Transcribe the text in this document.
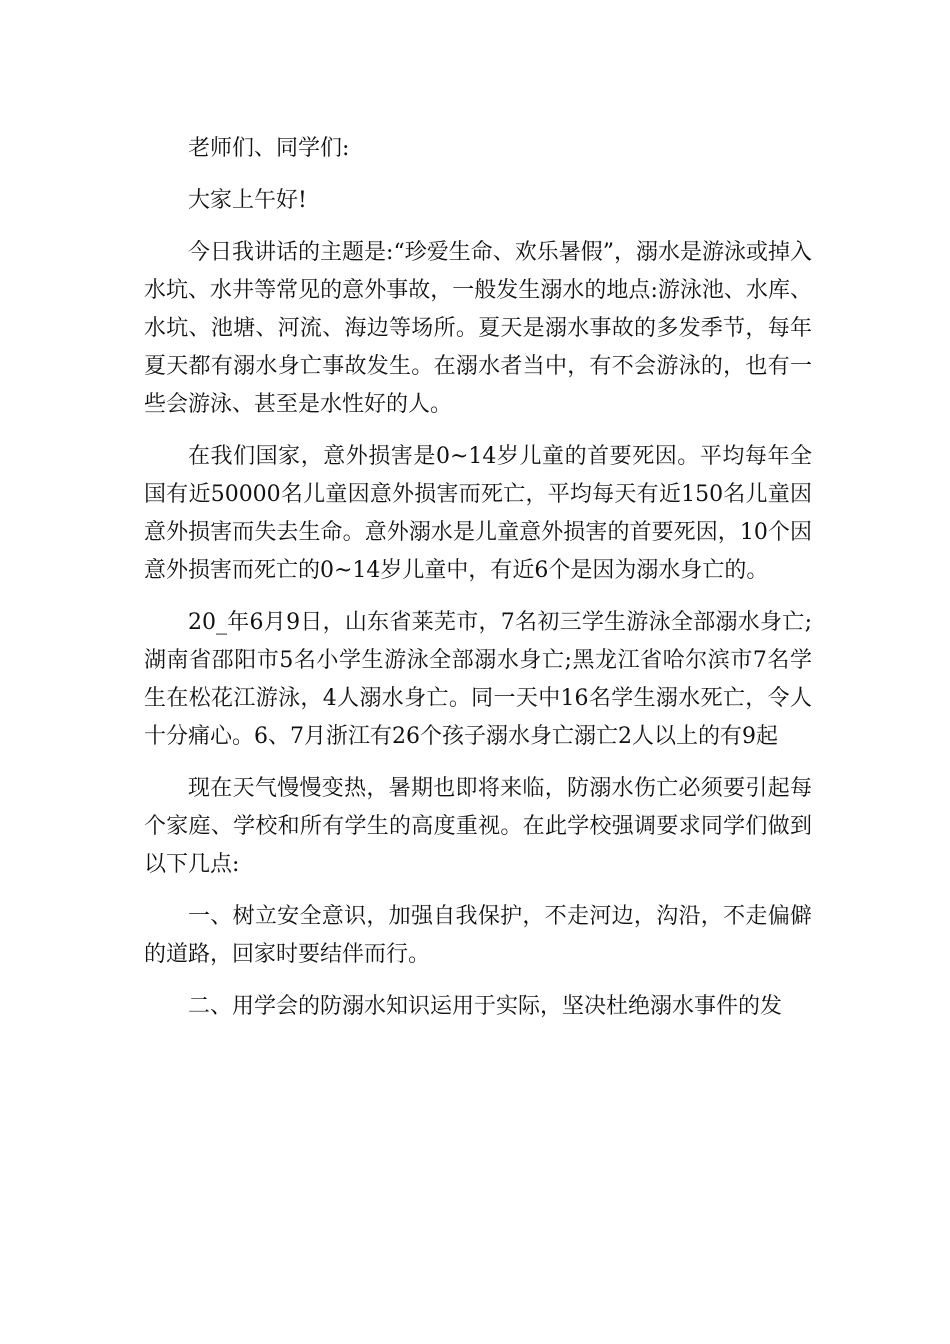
老师们、同学们:

大家上午好!

今日我讲话的主题是:“珍爱生命、欢乐暑假”，溺水是游泳或掉入水坑、水井等常见的意外事故，一般发生溺水的地点:游泳池、水库、水坑、池塘、河流、海边等场所。夏天是溺水事故的多发季节，每年夏天都有溺水身亡事故发生。在溺水者当中，有不会游泳的，也有一些会游泳、甚至是水性好的人。

在我们国家，意外损害是0~14岁儿童的首要死因。平均每年全国有近50000名儿童因意外损害而死亡，平均每天有近150名儿童因意外损害而失去生命。意外溺水是儿童意外损害的首要死因，10个因意外损害而死亡的0~14岁儿童中，有近6个是因为溺水身亡的。

20_年6月9日，山东省莱芜市，7名初三学生游泳全部溺水身亡;湖南省邵阳市5名小学生游泳全部溺水身亡;黑龙江省哈尔滨市7名学生在松花江游泳，4人溺水身亡。同一天中16名学生溺水死亡，令人十分痛心。6、7月浙江有26个孩子溺水身亡溺亡2人以上的有9起

现在天气慢慢变热，暑期也即将来临，防溺水伤亡必须要引起每个家庭、学校和所有学生的高度重视。在此学校强调要求同学们做到以下几点:

一、树立安全意识，加强自我保护，不走河边，沟沿，不走偏僻的道路，回家时要结伴而行。

二、用学会的防溺水知识运用于实际，坚决杜绝溺水事件的发
